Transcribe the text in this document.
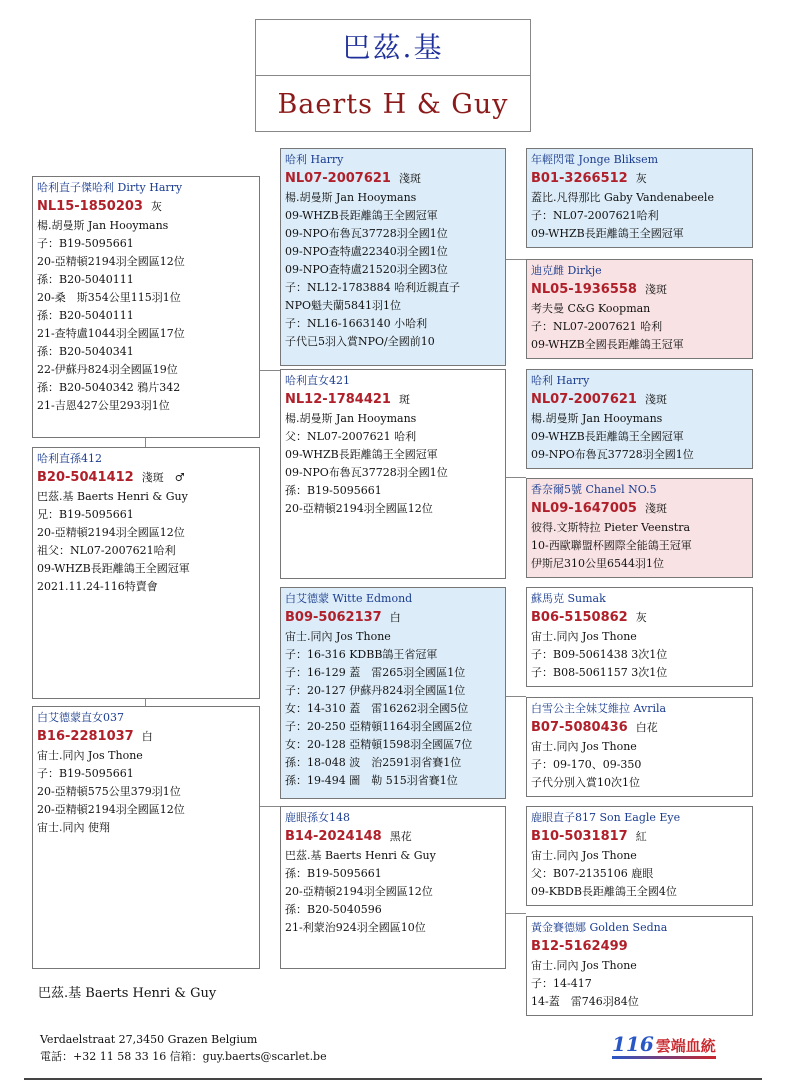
巴茲.基
Baerts H & Guy
哈利直子傑哈利 Dirty Harry
NL15-1850203 灰
楊.胡曼斯 Jan Hooymans
子：B19-5095661
20-亞精頓2194羽全國區12位
孫：B20-5040111
20-桑　斯354公里115羽1位
孫：B20-5040111
21-查特盧1044羽全國區17位
孫：B20-5040341
22-伊蘇丹824羽全國區19位
孫：B20-5040342 鴉片342
21-吉恩427公里293羽1位
哈利直孫412
B20-5041412 淺斑　♂
巴茲.基 Baerts Henri & Guy
兄：B19-5095661
20-亞精頓2194羽全國區12位
祖父：NL07-2007621哈利
09-WHZB長距離鴿王全國冠軍
2021.11.24-116特賣會
白艾德蒙直女037
B16-2281037 白
宙士.同內 Jos Thone
子：B19-5095661
20-亞精頓575公里379羽1位
20-亞精頓2194羽全國區12位
宙士.同內 使翔
哈利 Harry
NL07-2007621 淺斑
楊.胡曼斯 Jan Hooymans
09-WHZB長距離鴿王全國冠軍
09-NPO布魯瓦37728羽全國1位
09-NPO查特盧22340羽全國1位
09-NPO查特盧21520羽全國3位
子：NL12-1783884 哈利近親直子
NPO魁夫蘭5841羽1位
子：NL16-1663140 小哈利
子代已5羽入賞NPO/全國前10
哈利直女421
NL12-1784421 斑
楊.胡曼斯 Jan Hooymans
父：NL07-2007621 哈利
09-WHZB長距離鴿王全國冠軍
09-NPO布魯瓦37728羽全國1位
孫：B19-5095661
20-亞精頓2194羽全國區12位
白艾德蒙 Witte Edmond
B09-5062137 白
宙士.同內 Jos Thone
子：16-316 KDBB鴿王省冠軍
子：16-129 蓋　雷265羽全國區1位
子：20-127 伊蘇丹824羽全國區1位
女：14-310 蓋　雷16262羽全國5位
子：20-250 亞精頓1164羽全國區2位
女：20-128 亞精頓1598羽全國區7位
孫：18-048 波　治2591羽省賽1位
孫：19-494 圖　勒 515羽省賽1位
鹿眼孫女148
B14-2024148 黑花
巴茲.基 Baerts Henri & Guy
孫：B19-5095661
20-亞精頓2194羽全國區12位
孫：B20-5040596
21-利蒙治924羽全國區10位
年輕閃電 Jonge Bliksem
B01-3266512 灰
蓋比.凡得那比 Gaby Vandenabeele
子：NL07-2007621哈利
09-WHZB長距離鴿王全國冠軍
迪克雌 Dirkje
NL05-1936558 淺斑
考夫曼 C&G Koopman
子：NL07-2007621 哈利
09-WHZB全國長距離鴿王冠軍
哈利 Harry
NL07-2007621 淺斑
楊.胡曼斯 Jan Hooymans
09-WHZB長距離鴿王全國冠軍
09-NPO布魯瓦37728羽全國1位
香奈爾5號 Chanel NO.5
NL09-1647005 淺斑
彼得.文斯特拉 Pieter Veenstra
10-西歐聯盟杯國際全能鴿王冠軍
伊斯尼310公里6544羽1位
蘇馬克 Sumak
B06-5150862 灰
宙士.同內 Jos Thone
子：B09-5061438 3次1位
子：B08-5061157 3次1位
白雪公主全妹艾維拉 Avrila
B07-5080436 白花
宙士.同內 Jos Thone
子：09-170、09-350
子代分別入賞10次1位
鹿眼直子817 Son Eagle Eye
B10-5031817 紅
宙士.同內 Jos Thone
父：B07-2135106 鹿眼
09-KBDB長距離鴿王全國4位
黃金賽德娜 Golden Sedna
B12-5162499
宙士.同內 Jos Thone
子：14-417
14-蓋　雷746羽84位
巴茲.基 Baerts Henri & Guy
Verdaelstraat 27,3450 Grazen Belgium
電話：+32 11 58 33 16 信箱：guy.baerts@scarlet.be
116 雲端血統
